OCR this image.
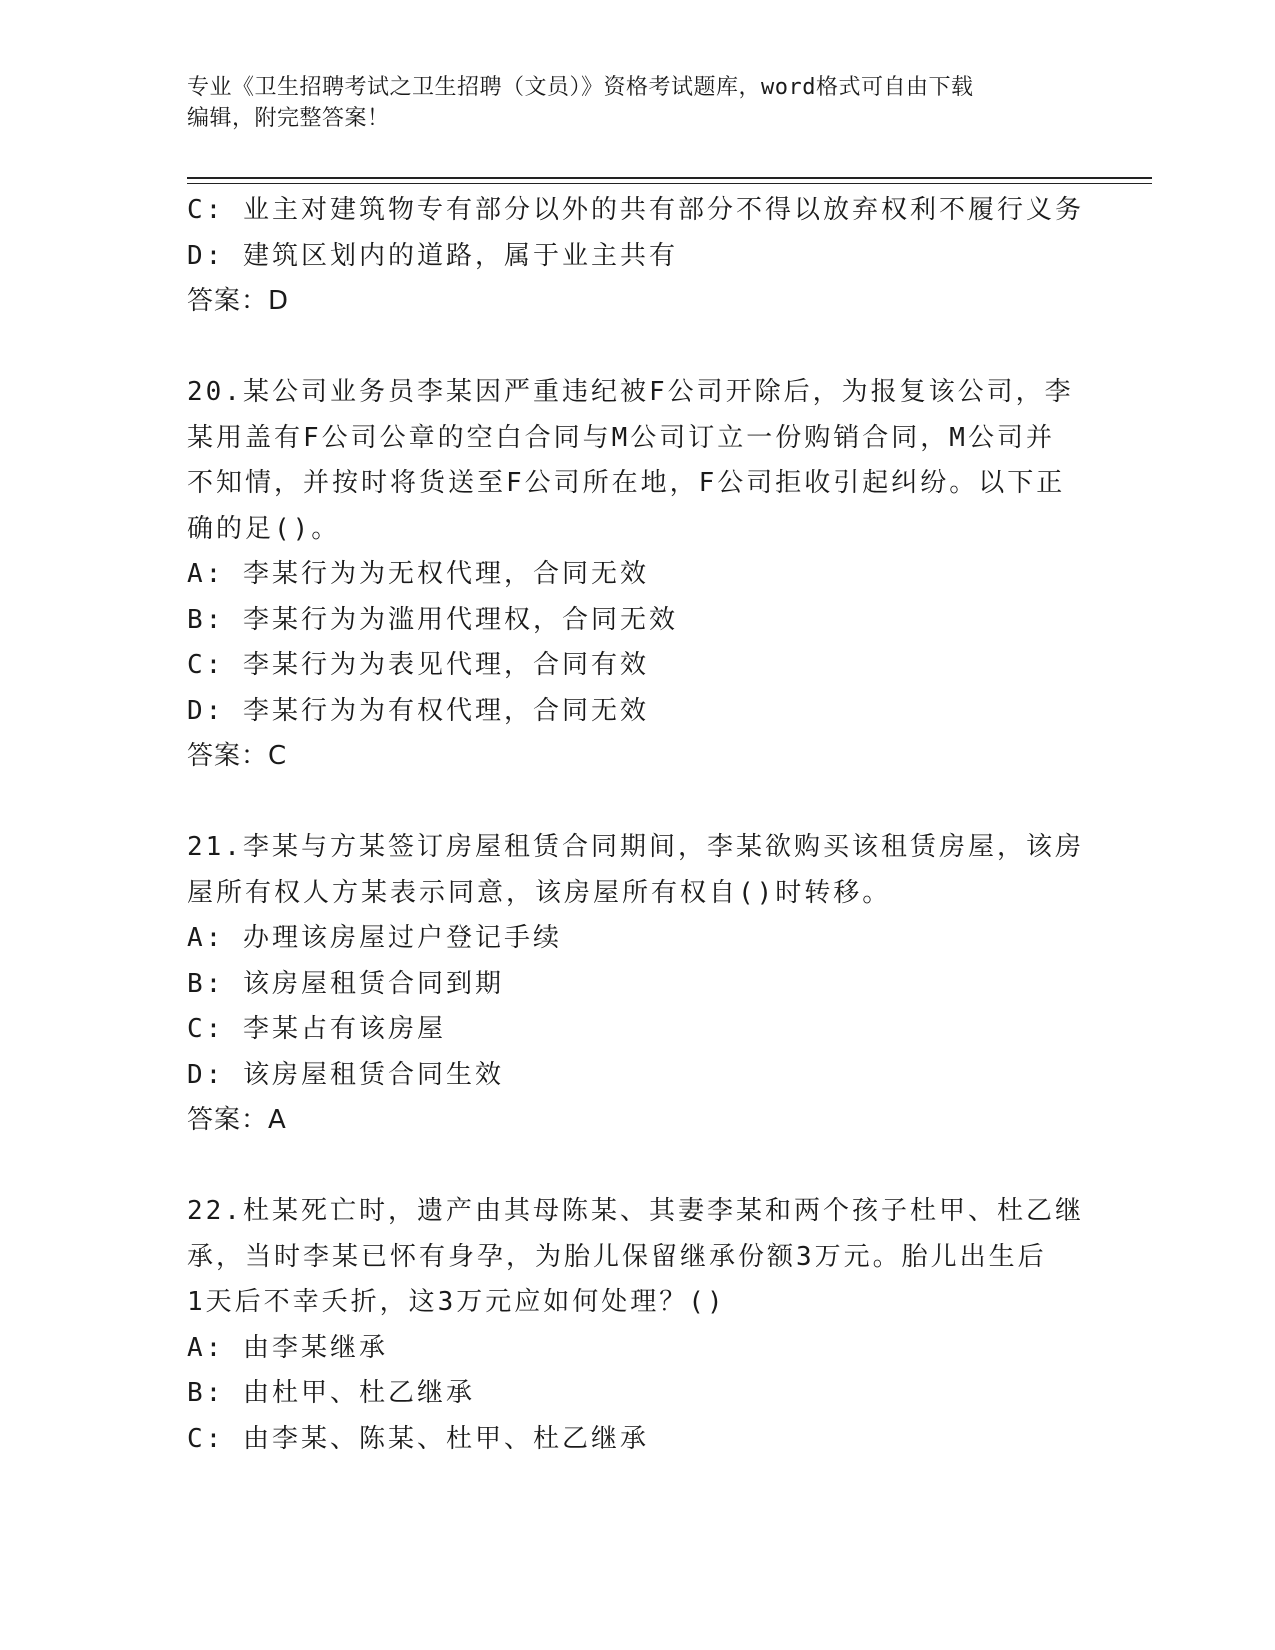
专业《卫生招聘考试之卫生招聘（文员）》资格考试题库，word格式可自由下载
编辑，附完整答案！
C: 业主对建筑物专有部分以外的共有部分不得以放弃权利不履行义务
D: 建筑区划内的道路，属于业主共有
答案：D
20.某公司业务员李某因严重违纪被F公司开除后，为报复该公司，李
某用盖有F公司公章的空白合同与M公司订立一份购销合同，M公司并
不知情，并按时将货送至F公司所在地，F公司拒收引起纠纷。以下正
确的足()。
A: 李某行为为无权代理，合同无效
B: 李某行为为滥用代理权，合同无效
C: 李某行为为表见代理，合同有效
D: 李某行为为有权代理，合同无效
答案：C
21.李某与方某签订房屋租赁合同期间，李某欲购买该租赁房屋，该房
屋所有权人方某表示同意，该房屋所有权自()时转移。
A: 办理该房屋过户登记手续
B: 该房屋租赁合同到期
C: 李某占有该房屋
D: 该房屋租赁合同生效
答案：A
22.杜某死亡时，遗产由其母陈某、其妻李某和两个孩子杜甲、杜乙继
承，当时李某已怀有身孕，为胎儿保留继承份额3万元。胎儿出生后
1天后不幸夭折，这3万元应如何处理？()
A: 由李某继承
B: 由杜甲、杜乙继承
C: 由李某、陈某、杜甲、杜乙继承
